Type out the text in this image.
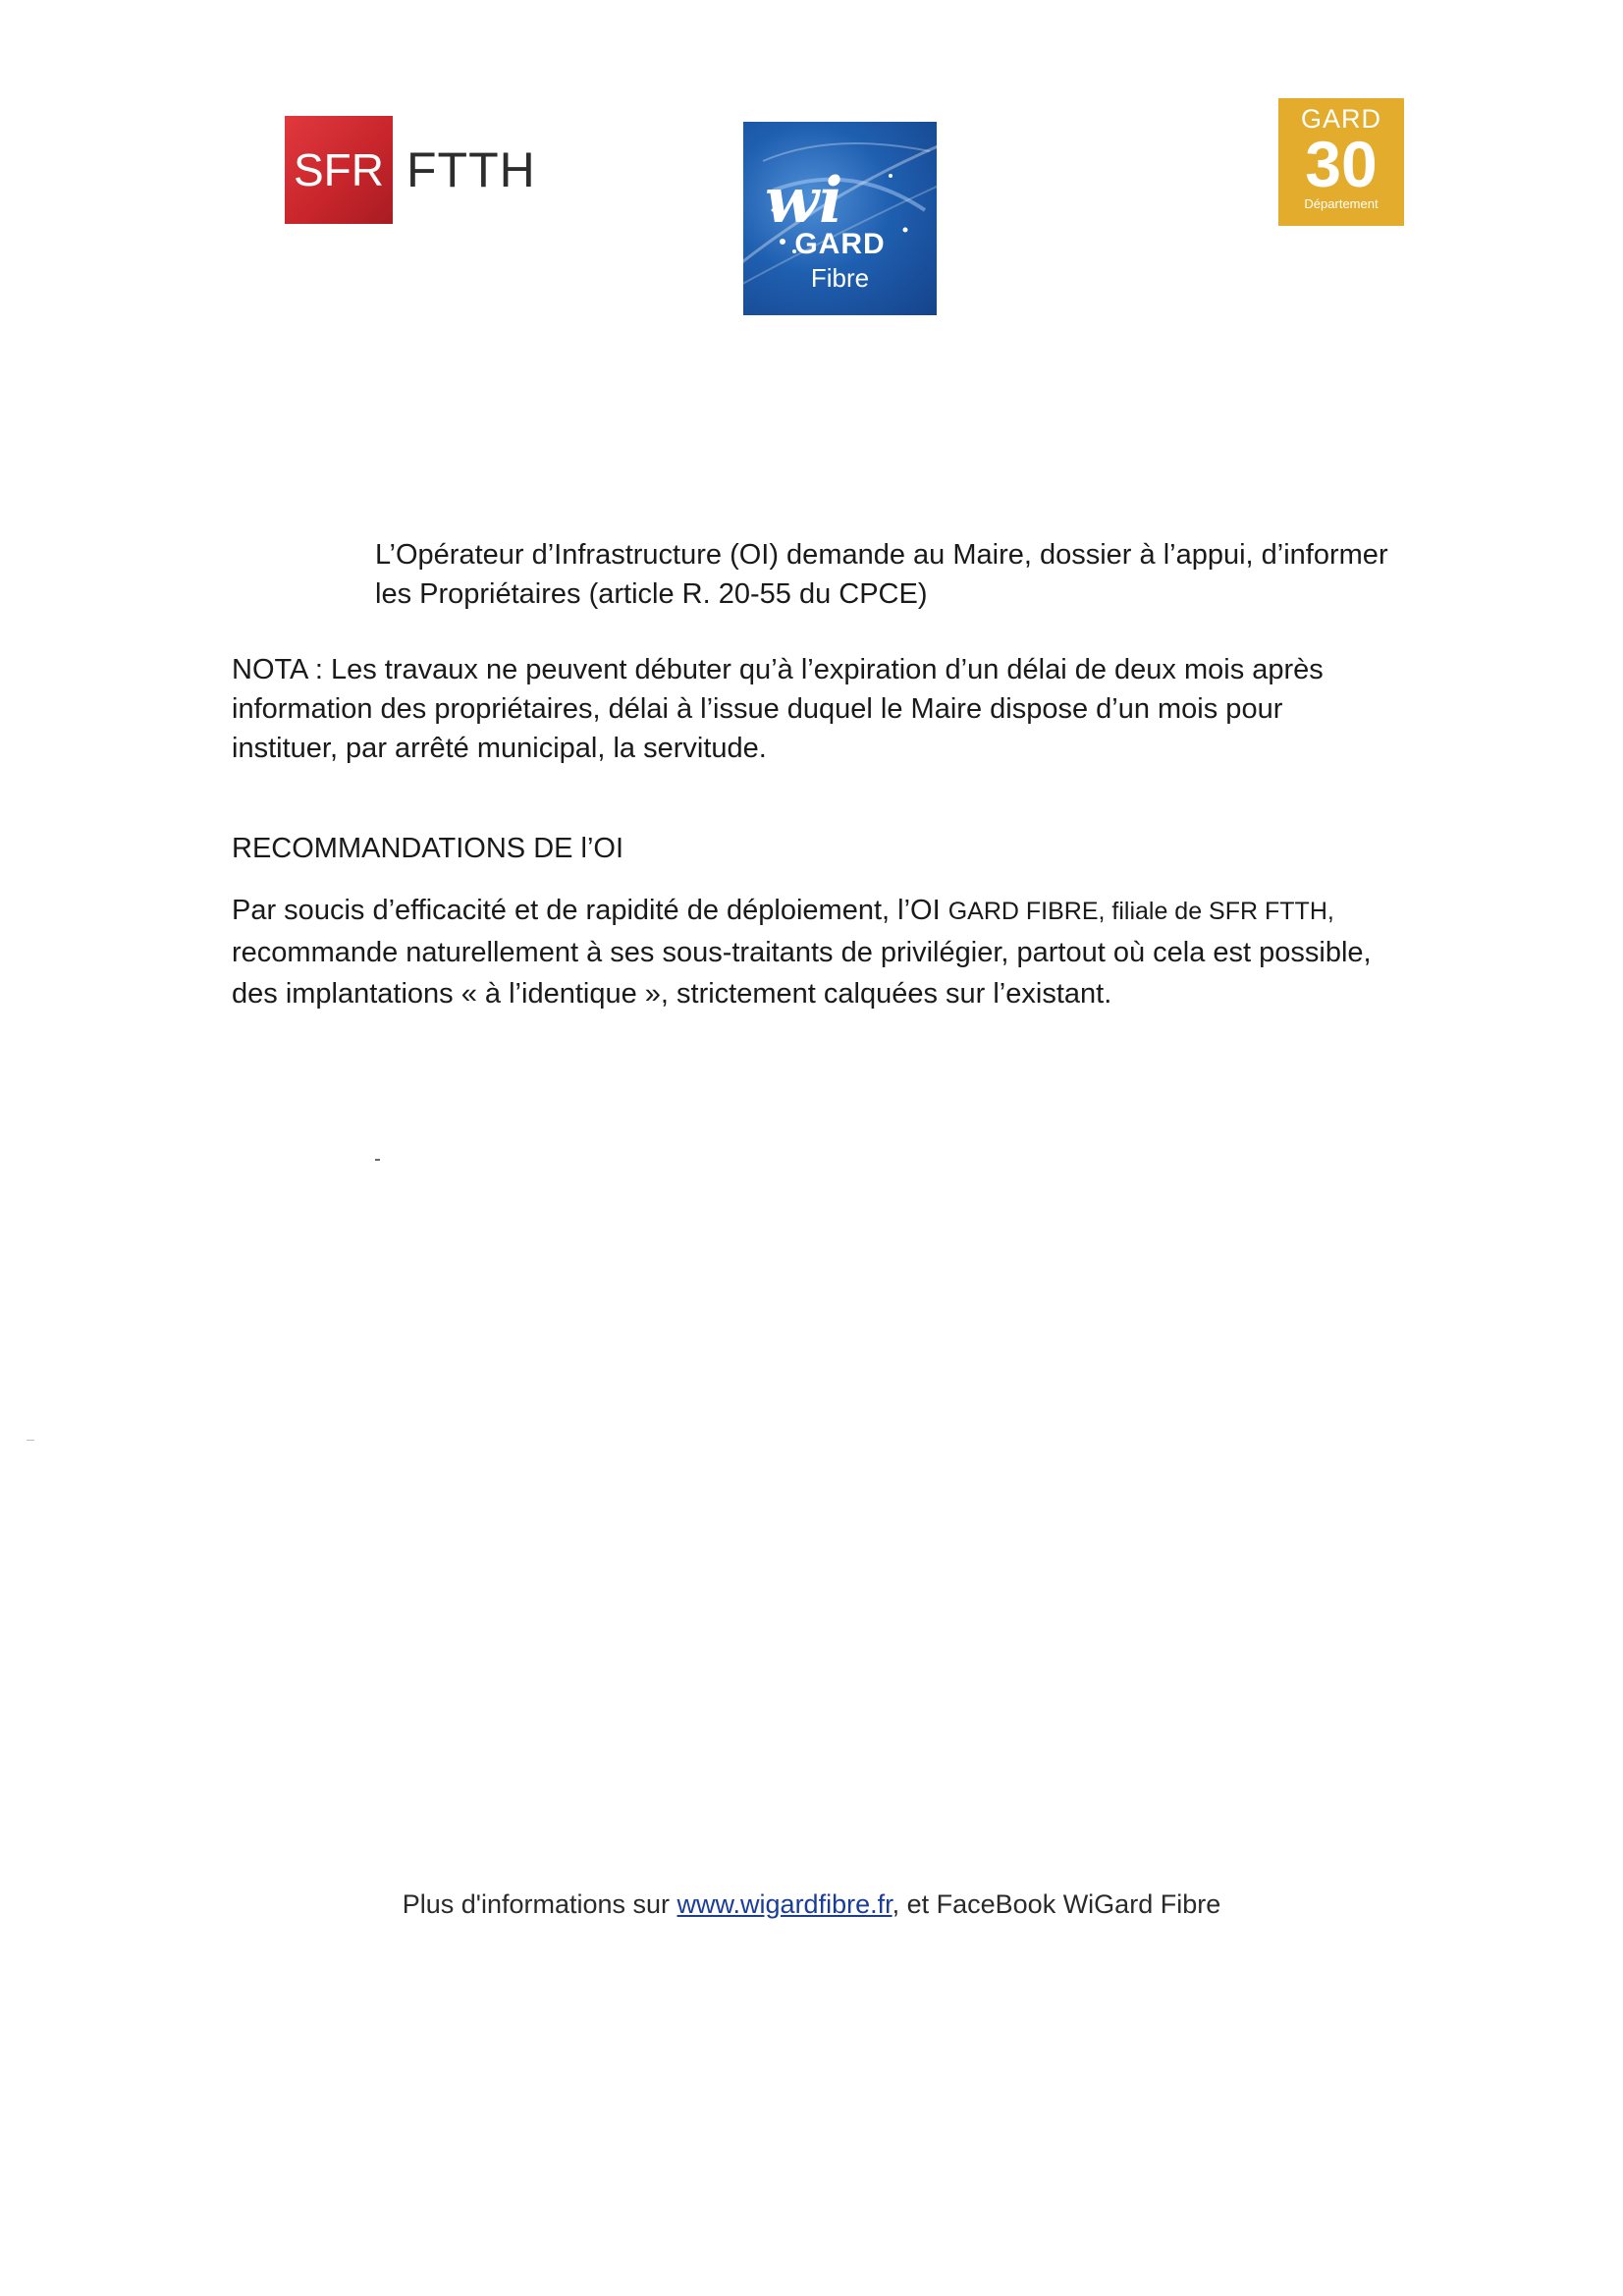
SFR FTTH	wi
GARD
Fibre
GARD
30
Département

L’Opérateur d’Infrastructure (OI) demande au Maire, dossier à l’appui, d’informer
les Propriétaires (article R. 20-55 du CPCE)

NOTA : Les travaux ne peuvent débuter qu’à l’expiration d’un délai de deux mois après
information des propriétaires, délai à l’issue duquel le Maire dispose d’un mois pour
instituer, par arrêté municipal, la servitude.

RECOMMANDATIONS DE l’OI

Par soucis d’efficacité et de rapidité de déploiement, l’OI GARD FIBRE, filiale de SFR FTTH,
recommande naturellement à ses sous-traitants de privilégier, partout où cela est possible,
des implantations « à l’identique », strictement calquées sur l’existant.

Plus d'informations sur www.wigardfibre.fr, et FaceBook WiGard Fibre
